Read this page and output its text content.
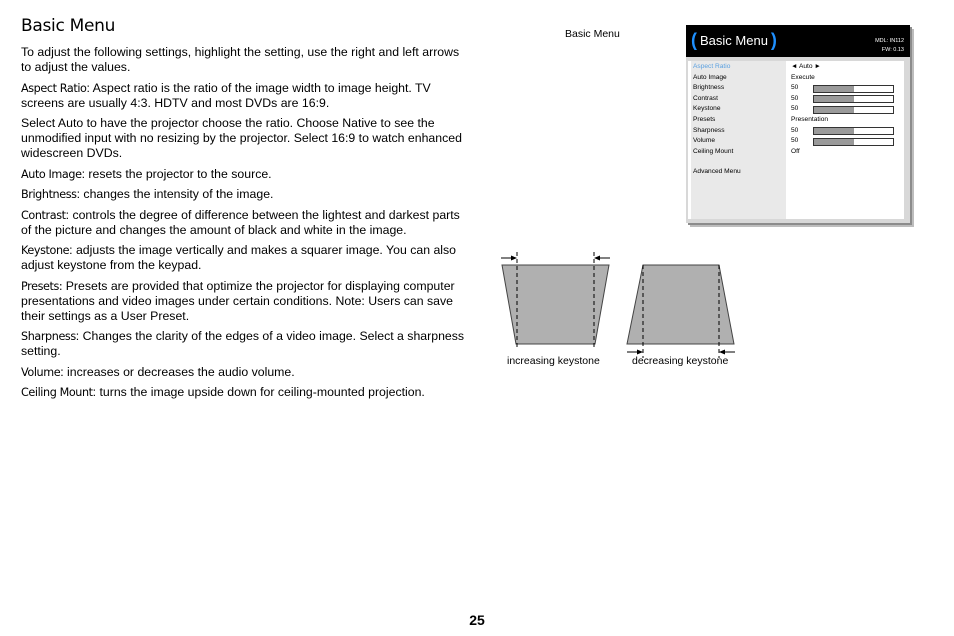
Basic Menu
To adjust the following settings, highlight the setting, use the right and left arrows to adjust the values.
Aspect Ratio: Aspect ratio is the ratio of the image width to image height. TV screens are usually 4:3. HDTV and most DVDs are 16:9.
Select Auto to have the projector choose the ratio. Choose Native to see the unmodified input with no resizing by the projector. Select 16:9 to watch enhanced widescreen DVDs.
Auto Image: resets the projector to the source.
Brightness: changes the intensity of the image.
Contrast: controls the degree of difference between the lightest and darkest parts of the picture and changes the amount of black and white in the image.
Keystone: adjusts the image vertically and makes a squarer image. You can also adjust keystone from the keypad.
Presets: Presets are provided that optimize the projector for displaying computer presentations and video images under certain conditions. Note: Users can save their settings as a User Preset.
Sharpness: Changes the clarity of the edges of a video image. Select a sharpness setting.
Volume: increases or decreases the audio volume.
Ceiling Mount: turns the image upside down for ceiling-mounted projection.
Basic Menu	( Basic Menu )	MDL: IN112
FW: 0.13
Aspect Ratio	◄ Auto ►
Auto Image	Execute
Brightness	50
Contrast	50
Keystone	50
Presets	Presentation
Sharpness	50
Volume	50
Ceiling Mount	Off
Advanced Menu
increasing keystone	decreasing keystone
25
